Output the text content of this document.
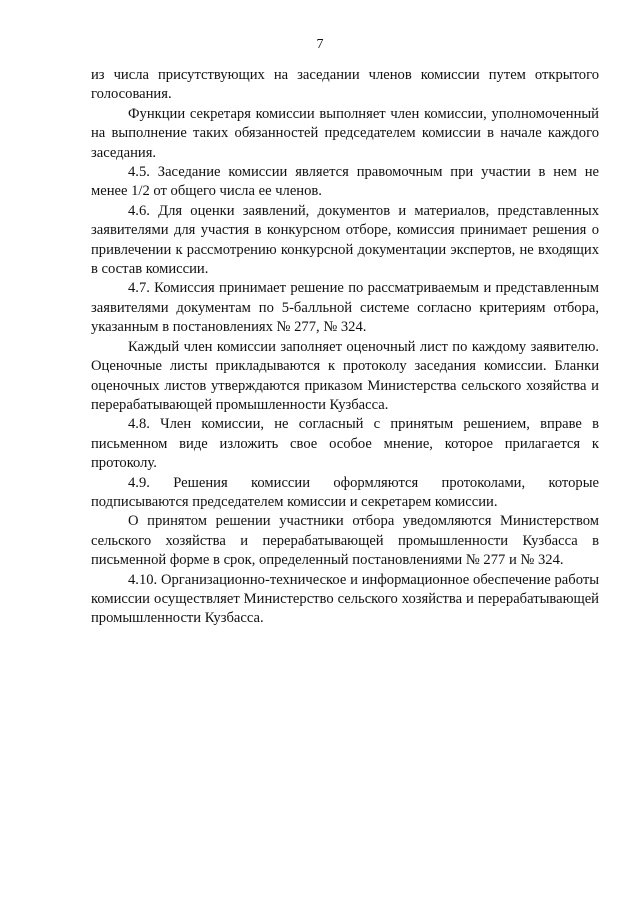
7

из числа присутствующих на заседании членов комиссии путем открытого голосования.

Функции секретаря комиссии выполняет член комиссии, уполномоченный на выполнение таких обязанностей председателем комиссии в начале каждого заседания.

4.5. Заседание комиссии является правомочным при участии в нем не менее 1/2 от общего числа ее членов.

4.6. Для оценки заявлений, документов и материалов, представленных заявителями для участия в конкурсном отборе, комиссия принимает решения о привлечении к рассмотрению конкурсной документации экспертов, не входящих в состав комиссии.

4.7. Комиссия принимает решение по рассматриваемым и представленным заявителями документам по 5-балльной системе согласно критериям отбора, указанным в постановлениях № 277, № 324.

Каждый член комиссии заполняет оценочный лист по каждому заявителю. Оценочные листы прикладываются к протоколу заседания комиссии. Бланки оценочных листов утверждаются приказом Министерства сельского хозяйства и перерабатывающей промышленности Кузбасса.

4.8. Член комиссии, не согласный с принятым решением, вправе в письменном виде изложить свое особое мнение, которое прилагается к протоколу.

4.9. Решения комиссии оформляются протоколами, которые подписываются председателем комиссии и секретарем комиссии.

О принятом решении участники отбора уведомляются Министерством сельского хозяйства и перерабатывающей промышленности Кузбасса в письменной форме в срок, определенный постановлениями № 277 и № 324.

4.10. Организационно-техническое и информационное обеспечение работы комиссии осуществляет Министерство сельского хозяйства и перерабатывающей промышленности Кузбасса.
